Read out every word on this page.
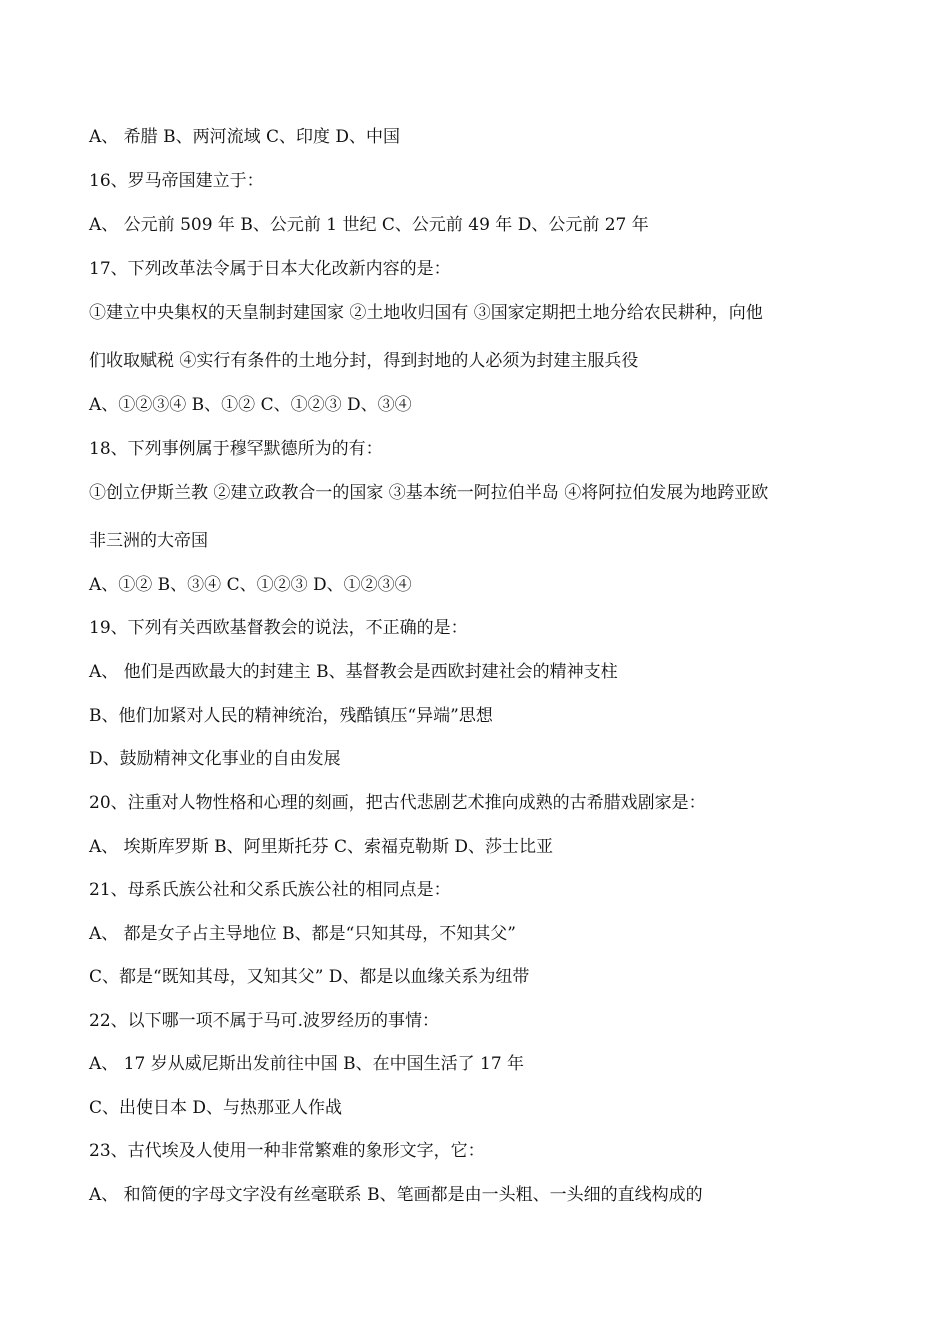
A、 希腊 B、两河流域 C、印度 D、中国
16、罗马帝国建立于：
A、 公元前 509 年 B、公元前 1 世纪 C、公元前 49 年 D、公元前 27 年
17、下列改革法令属于日本大化改新内容的是：
①建立中央集权的天皇制封建国家 ②土地收归国有 ③国家定期把土地分给农民耕种，向他
们收取赋税 ④实行有条件的土地分封，得到封地的人必须为封建主服兵役
A、①②③④ B、①② C、①②③ D、③④
18、下列事例属于穆罕默德所为的有：
①创立伊斯兰教 ②建立政教合一的国家 ③基本统一阿拉伯半岛 ④将阿拉伯发展为地跨亚欧
非三洲的大帝国
A、①② B、③④ C、①②③ D、①②③④
19、下列有关西欧基督教会的说法，不正确的是：
A、 他们是西欧最大的封建主 B、基督教会是西欧封建社会的精神支柱
B、他们加紧对人民的精神统治，残酷镇压“异端”思想
D、鼓励精神文化事业的自由发展
20、注重对人物性格和心理的刻画，把古代悲剧艺术推向成熟的古希腊戏剧家是：
A、 埃斯库罗斯 B、阿里斯托芬 C、索福克勒斯 D、莎士比亚
21、母系氏族公社和父系氏族公社的相同点是：
A、 都是女子占主导地位 B、都是“只知其母，不知其父”
C、都是“既知其母，又知其父” D、都是以血缘关系为纽带
22、以下哪一项不属于马可.波罗经历的事情：
A、 17 岁从威尼斯出发前往中国 B、在中国生活了 17 年
C、出使日本 D、与热那亚人作战
23、古代埃及人使用一种非常繁难的象形文字，它：
A、 和简便的字母文字没有丝毫联系 B、笔画都是由一头粗、一头细的直线构成的
